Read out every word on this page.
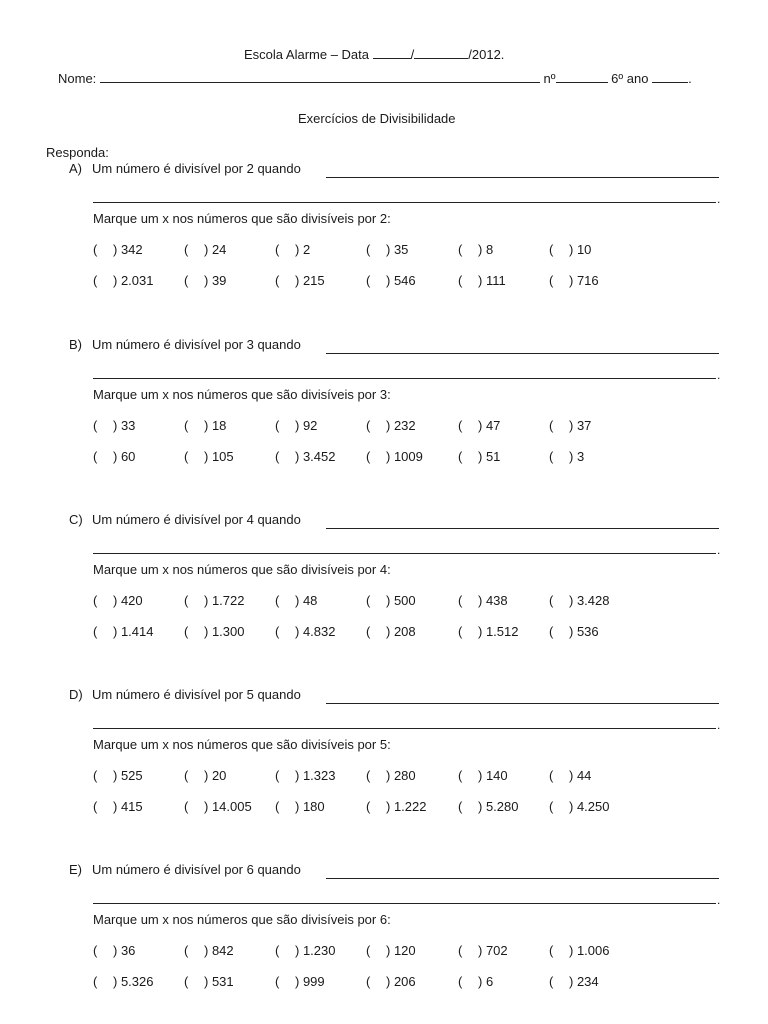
Escola Alarme – Data	/	/2012.
Nome:	nº	6º ano	.
Exercícios de Divisibilidade
Responda:
A) Um número é divisível por 2 quando
.
Marque um x nos números que são divisíveis por 2:
( ) 342	( ) 24	( ) 2	( ) 35	( ) 8	( ) 10
( ) 2.031 ( ) 39	( ) 215	( ) 546	( ) 111	( ) 716
B) Um número é divisível por 3 quando
.
Marque um x nos números que são divisíveis por 3:
( ) 33	( ) 18	( ) 92	( ) 232	( ) 47	( ) 37
( ) 60	( ) 105	( ) 3.452 ( ) 1009	( ) 51	( ) 3
C) Um número é divisível por 4 quando
.
Marque um x nos números que são divisíveis por 4:
( ) 420	( ) 1.722 ( ) 48	( ) 500	( ) 438	( ) 3.428
( ) 1.414 ( ) 1.300 ( ) 4.832 ( ) 208	( ) 1.512 ( ) 536
D) Um número é divisível por 5 quando
.
Marque um x nos números que são divisíveis por 5:
( ) 525	( ) 20	( ) 1.323 ( ) 280	( ) 140	( ) 44
( ) 415	( ) 14.005 ( ) 180	( ) 1.222 ( ) 5.280 ( ) 4.250
E) Um número é divisível por 6 quando
.
Marque um x nos números que são divisíveis por 6:
( ) 36	( ) 842	( ) 1.230 ( ) 120	( ) 702	( ) 1.006
( ) 5.326 ( ) 531	( ) 999	( ) 206	( ) 6	( ) 234
